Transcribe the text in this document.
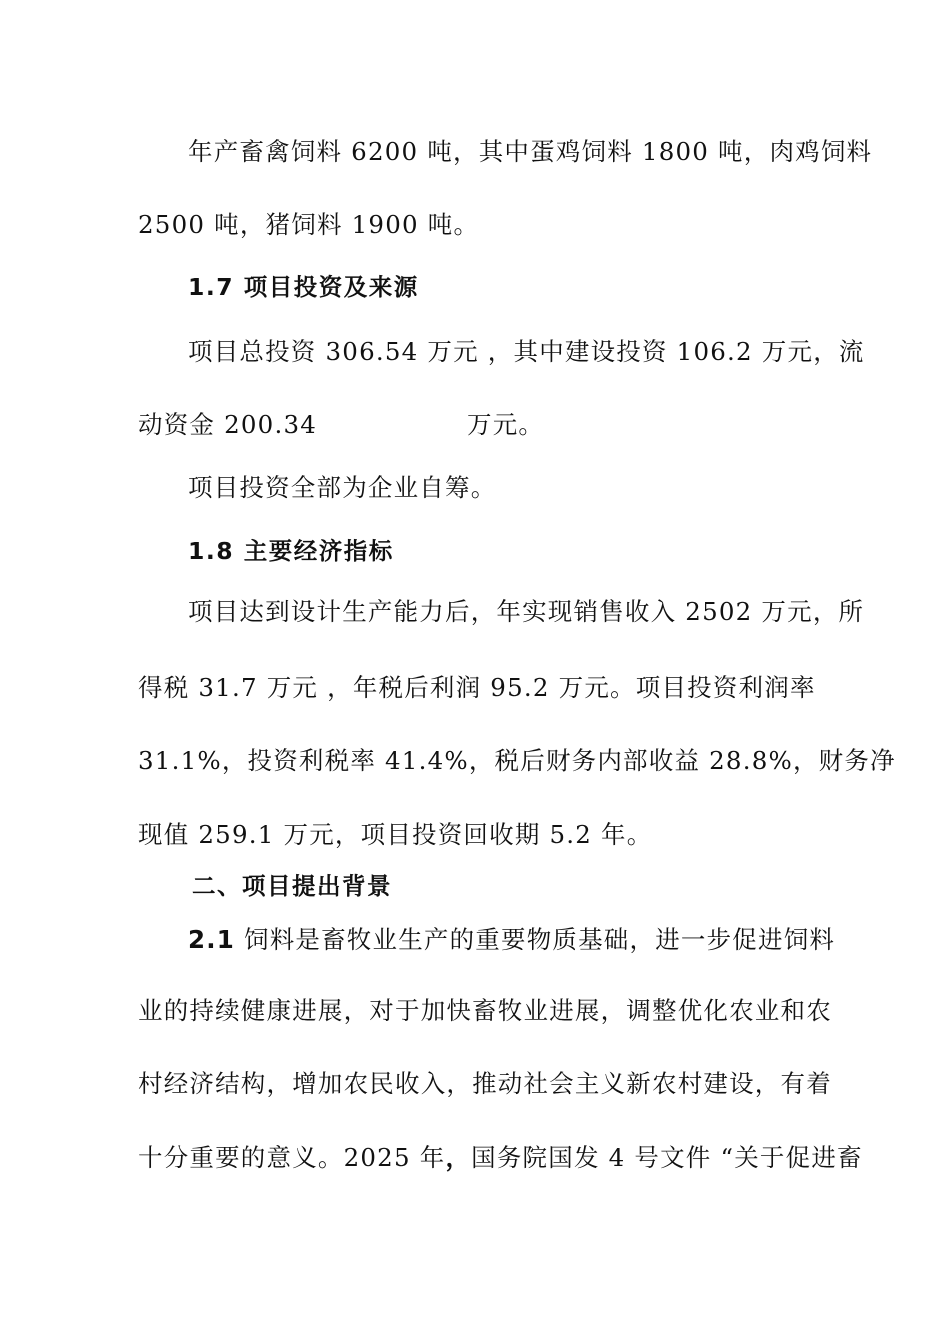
年产畜禽饲料 6200 吨，其中蛋鸡饲料 1800 吨，肉鸡饲料
2500 吨，猪饲料 1900 吨。
1.7 项目投资及来源
项目总投资 306.54 万元 ，其中建设投资 106.2 万元，流
动资金 200.34	万元。
项目投资全部为企业自筹。
1.8 主要经济指标
项目达到设计生产能力后，年实现销售收入 2502 万元，所
得税 31.7 万元 ，年税后利润 95.2 万元。项目投资利润率
31.1%，投资利税率 41.4%，税后财务内部收益 28.8%，财务净
现值 259.1 万元，项目投资回收期 5.2 年。
二、项目提出背景
2.1 饲料是畜牧业生产的重要物质基础，进一步促进饲料
业的持续健康进展，对于加快畜牧业进展，调整优化农业和农
村经济结构，增加农民收入，推动社会主义新农村建设，有着
十分重要的意义。2025 年，国务院国发 4 号文件 “关于促进畜
